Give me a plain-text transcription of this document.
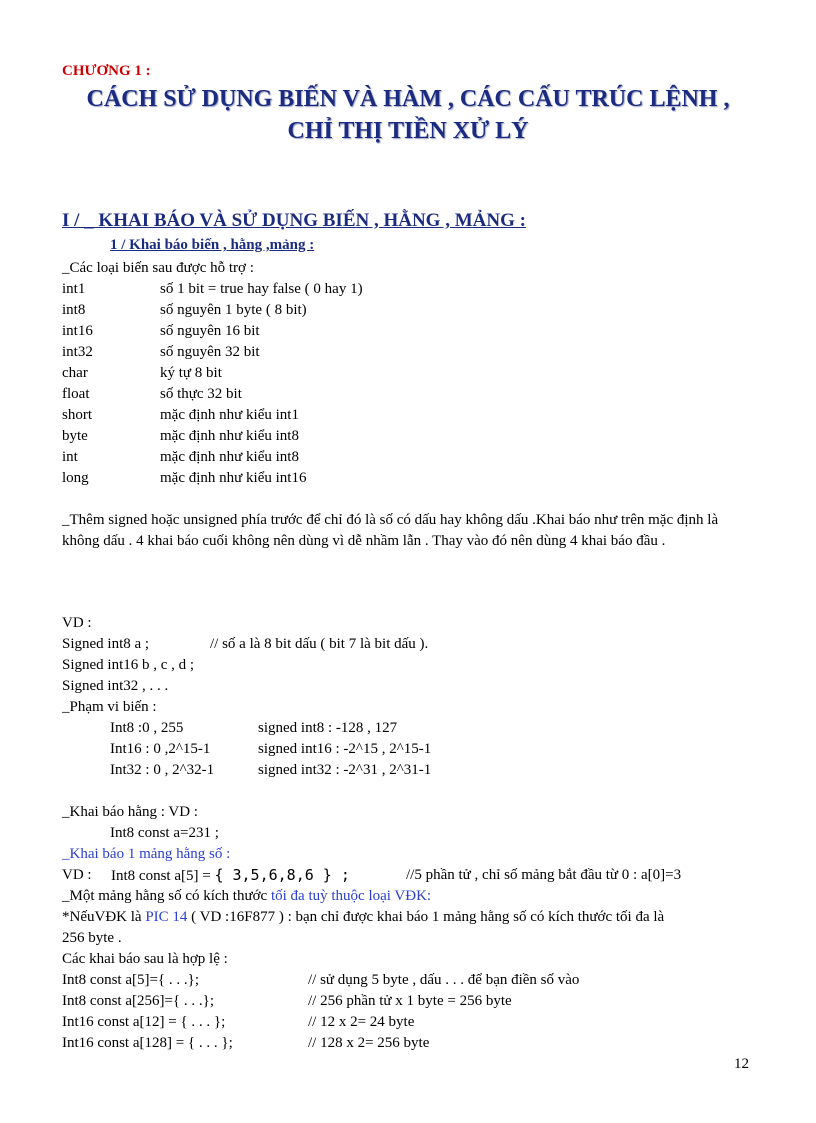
CHƯƠNG 1 :
CÁCH SỬ DỤNG BIẾN VÀ HÀM , CÁC CẤU TRÚC LỆNH ,
CHỈ THỊ TIỀN XỬ LÝ
I / _ KHAI BÁO VÀ SỬ DỤNG BIẾN , HẰNG , MẢNG :
1 / Khai báo biến , hằng ,mảng :
_Các loại biến sau được hỗ trợ :
int1	số 1 bit = true hay false ( 0 hay 1)
int8	số nguyên 1 byte ( 8 bit)
int16	số nguyên 16 bit
int32	số nguyên 32 bit
char	ký tự 8 bit
float	số thực 32 bit
short	mặc định như kiểu int1
byte	mặc định như kiểu int8
int	mặc định như kiểu int8
long	mặc định như kiểu int16
_Thêm signed hoặc unsigned phía trước để chỉ đó là số có dấu hay không dấu .Khai báo như trên mặc định là không dấu . 4 khai báo cuối không nên dùng vì dễ nhầm lẫn . Thay vào đó nên dùng 4 khai báo đầu .
VD :
Signed int8 a ;	// số a là 8 bit dấu ( bit 7 là bit dấu ).
Signed int16 b , c , d ;
Signed int32 , . . .
_Phạm vi biến :
Int8 :0 , 255	signed int8 : -128 , 127
Int16 : 0 ,2^15-1	signed int16 : -2^15 , 2^15-1
Int32 : 0 , 2^32-1	signed int32 : -2^31 , 2^31-1
_Khai báo hằng : VD :
Int8 const a=231 ;
_Khai báo 1 mảng hằng số :
VD : Int8 const a[5] = { 3,5,6,8,6 } ;	//5 phần tử , chỉ số mảng bắt đầu từ 0 : a[0]=3
_Một mảng hằng số có kích thước tối đa tuỳ thuộc loại VĐK:
*NếuVĐK là PIC 14 ( VD :16F877 ) : bạn chỉ được khai báo 1 mảng hằng số có kích thước tối đa là
256 byte .
Các khai báo sau là hợp lệ :
Int8 const a[5]={ . . .};	// sử dụng 5 byte , dấu . . . để bạn điền số vào
Int8 const a[256]={ . . .};	// 256 phần tử x 1 byte = 256 byte
Int16 const a[12] = { . . . };	// 12 x 2= 24 byte
Int16 const a[128] = { . . . };	// 128 x 2= 256 byte
12
